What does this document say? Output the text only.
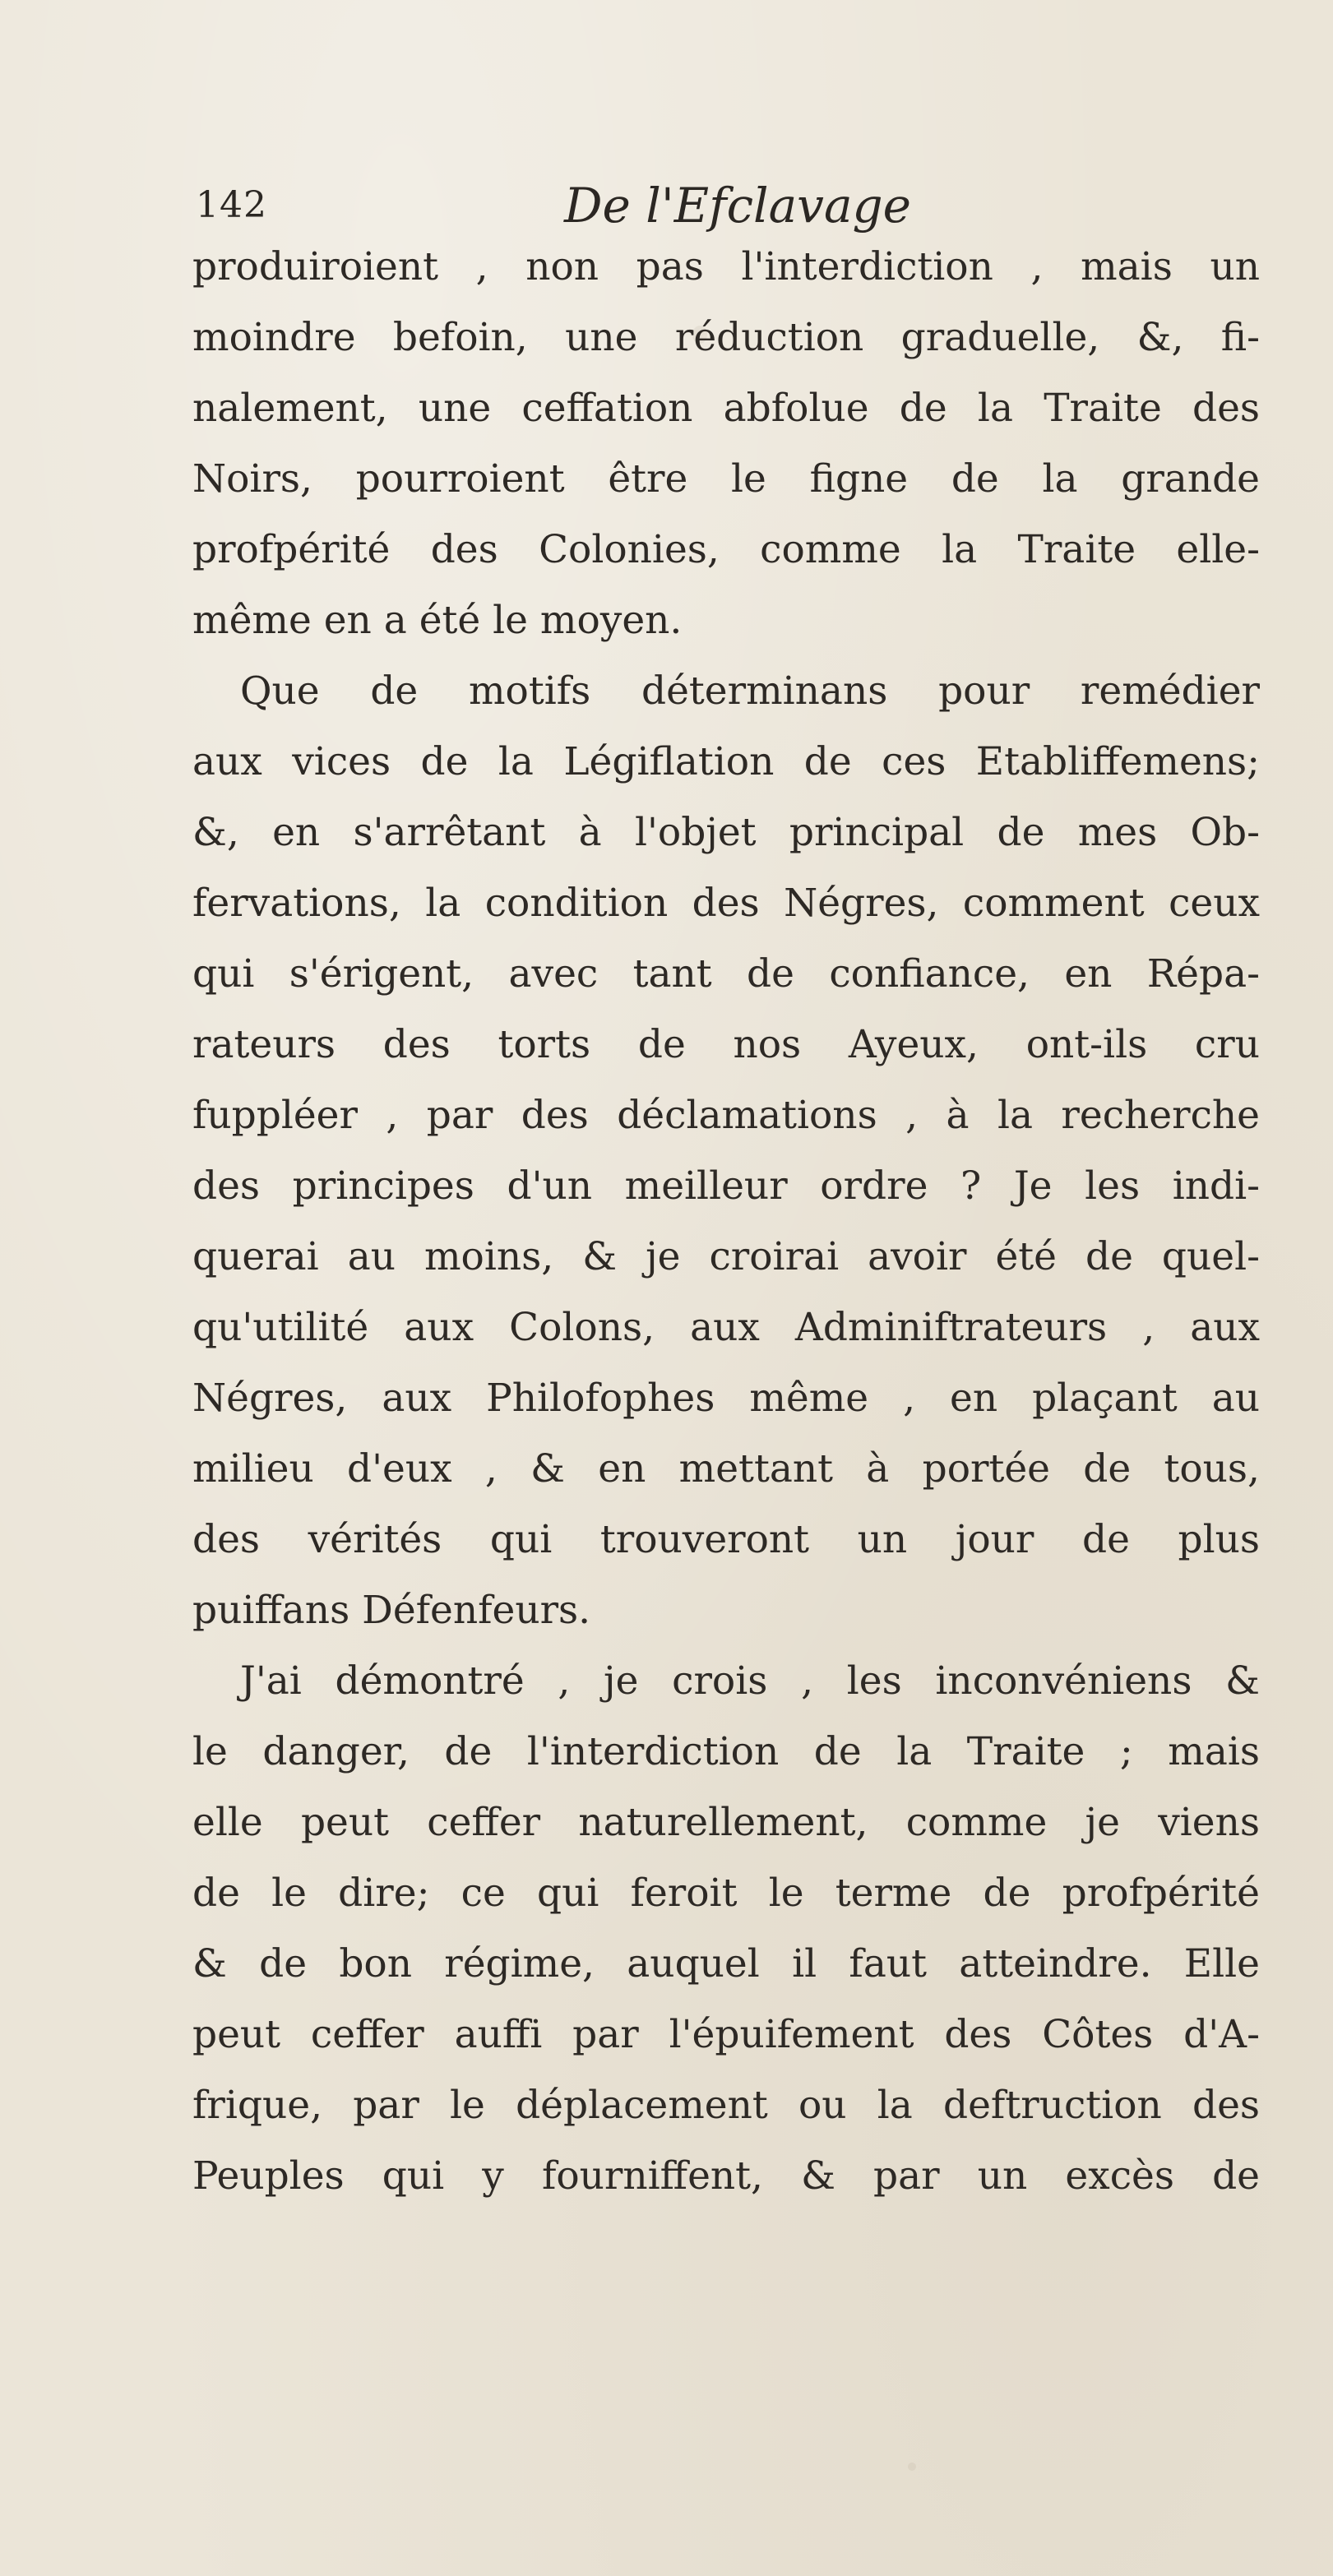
142	De l'Efclavage
produiroient , non pas l'interdiction , mais un
moindre befoin, une réduction graduelle, &, fi-
nalement, une ceffation abfolue de la Traite des
Noirs, pourroient être le figne de la grande
profpérité des Colonies, comme la Traite elle-
même en a été le moyen.
Que de motifs déterminans pour remédier
aux vices de la Légiflation de ces Etabliffemens;
&, en s'arrêtant à l'objet principal de mes Ob-
fervations, la condition des Négres, comment ceux
qui s'érigent, avec tant de confiance, en Répa-
rateurs des torts de nos Ayeux, ont-ils cru
fuppléer , par des déclamations , à la recherche
des principes d'un meilleur ordre ? Je les indi-
querai au moins, & je croirai avoir été de quel-
qu'utilité aux Colons, aux Adminiftrateurs , aux
Négres, aux Philofophes même , en plaçant au
milieu d'eux , & en mettant à portée de tous,
des vérités qui trouveront un jour de plus
puiffans Défenfeurs.
J'ai démontré , je crois , les inconvéniens &
le danger, de l'interdiction de la Traite ; mais
elle peut ceffer naturellement, comme je viens
de le dire; ce qui feroit le terme de profpérité
& de bon régime, auquel il faut atteindre. Elle
peut ceffer auffi par l'épuifement des Côtes d'A-
frique, par le déplacement ou la deftruction des
Peuples qui y fourniffent, & par un excès de
